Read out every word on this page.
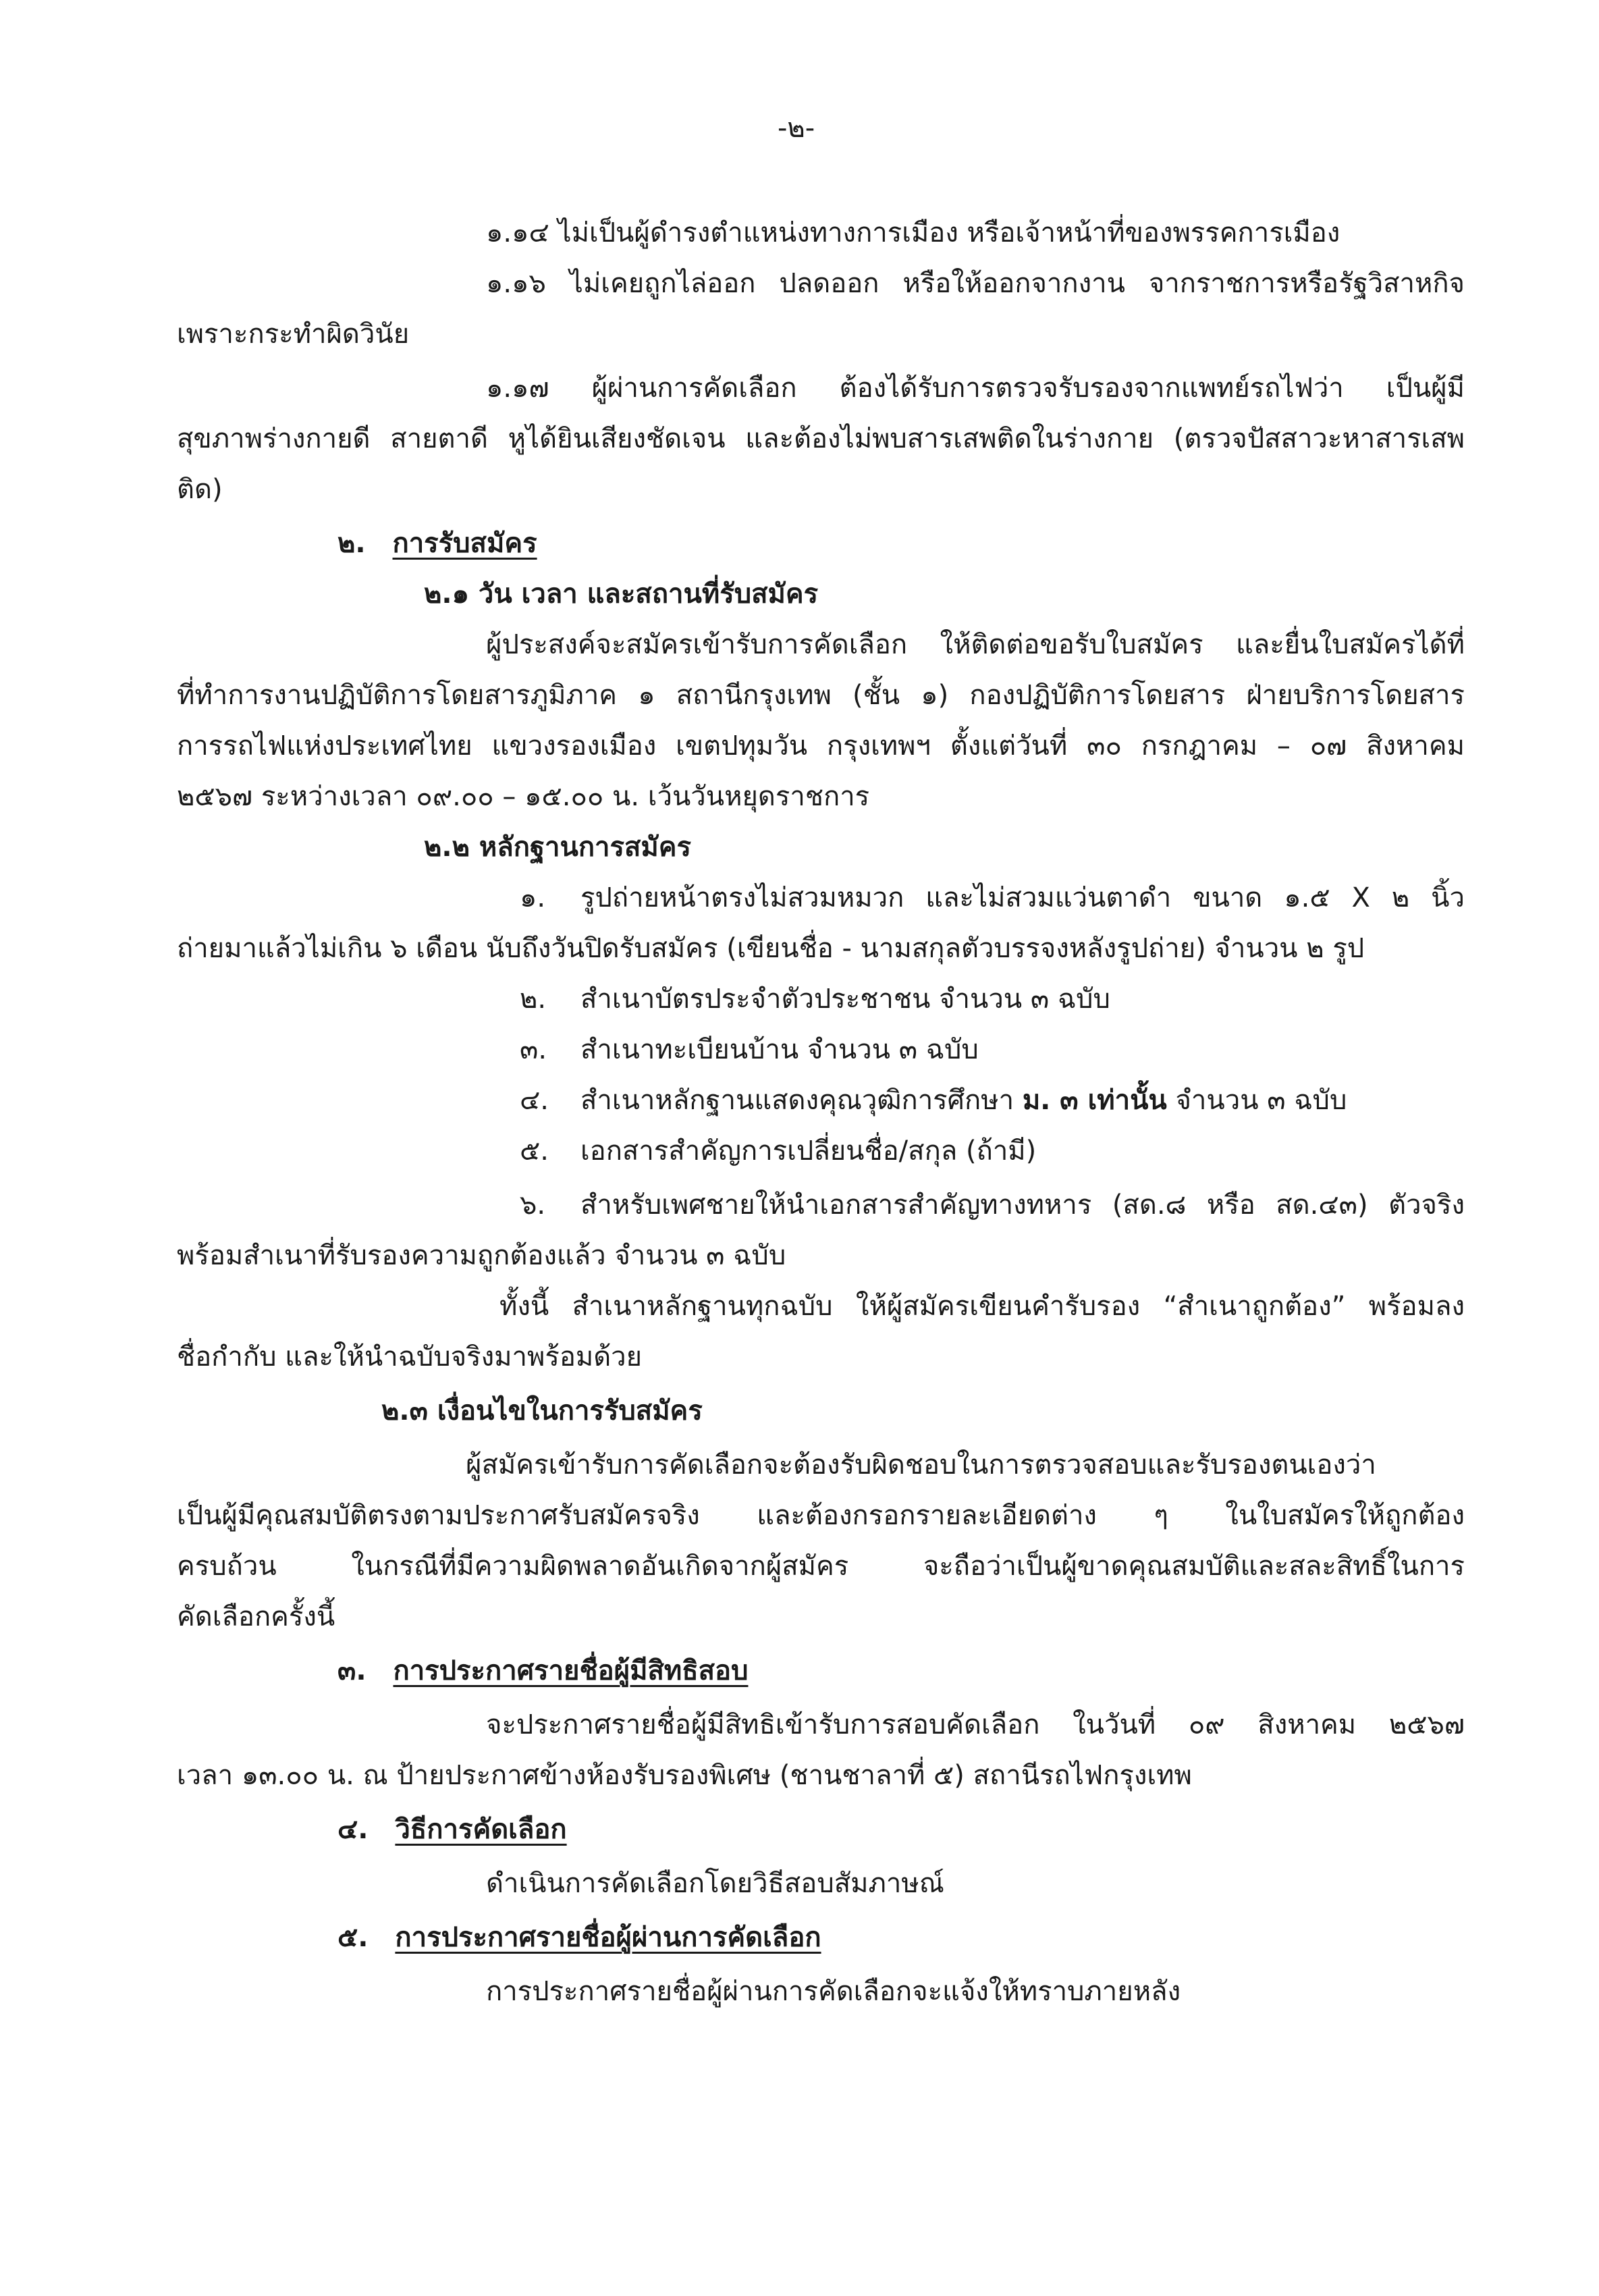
-๒-
๑.๑๔ ไม่เป็นผู้ดำรงตำแหน่งทางการเมือง หรือเจ้าหน้าที่ของพรรคการเมือง
๑.๑๖ ไม่เคยถูกไล่ออก ปลดออก หรือให้ออกจากงาน จากราชการหรือรัฐวิสาหกิจ
เพราะกระทำผิดวินัย
๑.๑๗ ผู้ผ่านการคัดเลือก ต้องได้รับการตรวจรับรองจากแพทย์รถไฟว่า เป็นผู้มี
สุขภาพร่างกายดี สายตาดี หูได้ยินเสียงชัดเจน และต้องไม่พบสารเสพติดในร่างกาย (ตรวจปัสสาวะหาสารเสพ
ติด)
๒. การรับสมัคร
๒.๑ วัน เวลา และสถานที่รับสมัคร
ผู้ประสงค์จะสมัครเข้ารับการคัดเลือก ให้ติดต่อขอรับใบสมัคร และยื่นใบสมัครได้ที่
ที่ทำการงานปฏิบัติการโดยสารภูมิภาค ๑ สถานีกรุงเทพ (ชั้น ๑) กองปฏิบัติการโดยสาร ฝ่ายบริการโดยสาร
การรถไฟแห่งประเทศไทย แขวงรองเมือง เขตปทุมวัน กรุงเทพฯ ตั้งแต่วันที่ ๓๐ กรกฎาคม – ๐๗ สิงหาคม
๒๕๖๗ ระหว่างเวลา ๐๙.๐๐ – ๑๕.๐๐ น. เว้นวันหยุดราชการ
๒.๒ หลักฐานการสมัคร
๑. รูปถ่ายหน้าตรงไม่สวมหมวก และไม่สวมแว่นตาดำ ขนาด ๑.๕ X ๒ นิ้ว
ถ่ายมาแล้วไม่เกิน ๖ เดือน นับถึงวันปิดรับสมัคร (เขียนชื่อ - นามสกุลตัวบรรจงหลังรูปถ่าย) จำนวน ๒ รูป
๒. สำเนาบัตรประจำตัวประชาชน จำนวน ๓ ฉบับ
๓. สำเนาทะเบียนบ้าน จำนวน ๓ ฉบับ
๔. สำเนาหลักฐานแสดงคุณวุฒิการศึกษา ม. ๓ เท่านั้น จำนวน ๓ ฉบับ
๕. เอกสารสำคัญการเปลี่ยนชื่อ/สกุล (ถ้ามี)
๖. สำหรับเพศชายให้นำเอกสารสำคัญทางทหาร (สด.๘ หรือ สด.๔๓) ตัวจริง
พร้อมสำเนาที่รับรองความถูกต้องแล้ว จำนวน ๓ ฉบับ
ทั้งนี้ สำเนาหลักฐานทุกฉบับ ให้ผู้สมัครเขียนคำรับรอง “สำเนาถูกต้อง” พร้อมลง
ชื่อกำกับ และให้นำฉบับจริงมาพร้อมด้วย
๒.๓ เงื่อนไขในการรับสมัคร
ผู้สมัครเข้ารับการคัดเลือกจะต้องรับผิดชอบในการตรวจสอบและรับรองตนเองว่า
เป็นผู้มีคุณสมบัติตรงตามประกาศรับสมัครจริง และต้องกรอกรายละเอียดต่าง ๆ ในใบสมัครให้ถูกต้อง
ครบถ้วน ในกรณีที่มีความผิดพลาดอันเกิดจากผู้สมัคร จะถือว่าเป็นผู้ขาดคุณสมบัติและสละสิทธิ์ในการ
คัดเลือกครั้งนี้
๓. การประกาศรายชื่อผู้มีสิทธิสอบ
จะประกาศรายชื่อผู้มีสิทธิเข้ารับการสอบคัดเลือก ในวันที่ ๐๙ สิงหาคม ๒๕๖๗
เวลา ๑๓.๐๐ น. ณ ป้ายประกาศข้างห้องรับรองพิเศษ (ชานชาลาที่ ๕) สถานีรถไฟกรุงเทพ
๔. วิธีการคัดเลือก
ดำเนินการคัดเลือกโดยวิธีสอบสัมภาษณ์
๕. การประกาศรายชื่อผู้ผ่านการคัดเลือก
การประกาศรายชื่อผู้ผ่านการคัดเลือกจะแจ้งให้ทราบภายหลัง
